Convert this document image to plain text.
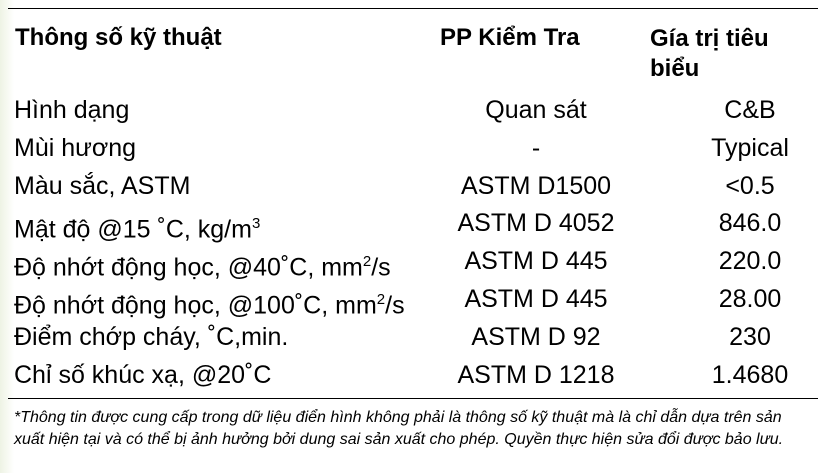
Thông số kỹ thuật	PP Kiểm Tra	Gía trị tiêu biểu
Hình dạng	Quan sát	C&B
Mùi hương	-	Typical
Màu sắc, ASTM	ASTM D1500	<0.5
Mật độ @15 ˚C, $kg/m^3$	ASTM D 4052	846.0
Độ nhớt động học, @40˚C, $mm^2/s$	ASTM D 445	220.0
Độ nhớt động học, @100˚C, $mm^2/s$	ASTM D 445	28.00
Điểm chớp cháy, ˚C,min.	ASTM D 92	230
Chỉ số khúc xạ, @20˚C	ASTM D 1218	1.4680
*Thông tin được cung cấp trong dữ liệu điển hình không phải là thông số kỹ thuật mà là chỉ dẫn dựa trên sản xuất hiện tại và có thể bị ảnh hưởng bởi dung sai sản xuất cho phép. Quyền thực hiện sửa đổi được bảo lưu.
